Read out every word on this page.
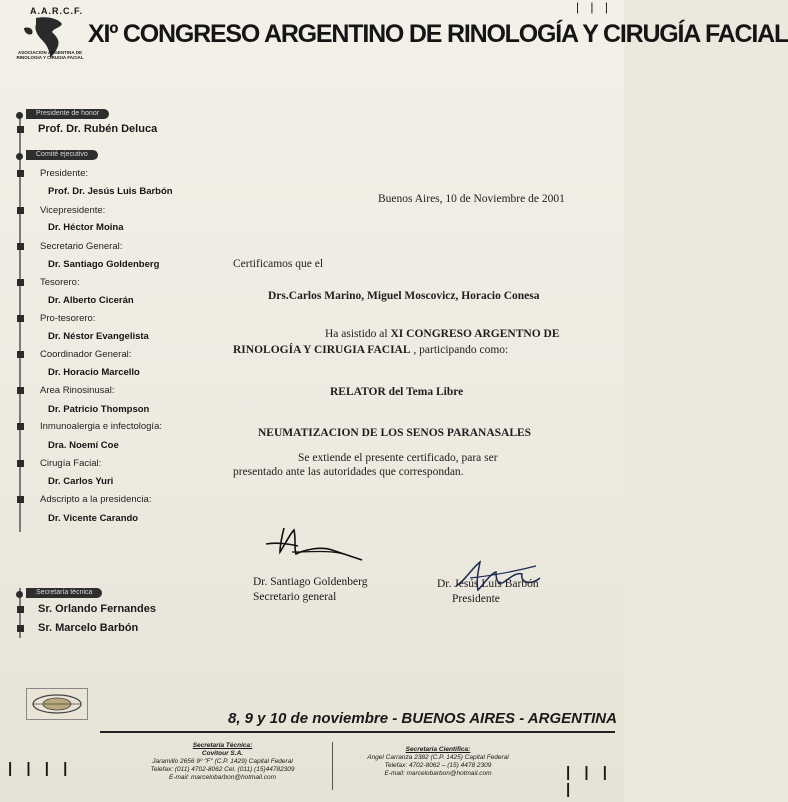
A.A.R.C.F.
ASOCIACION ARGENTINA DE RINOLOGIA Y CIRUGIA FACIAL
XIº CONGRESO ARGENTINO DE RINOLOGÍA Y CIRUGÍA FACIAL
| | |
Presidente de honor
Prof. Dr. Rubén Deluca
Comité ejecutivo
Presidente:
Prof. Dr. Jesús Luis Barbón
Vicepresidente:
Dr. Héctor Moina
Secretario General:
Dr. Santiago Goldenberg
Tesorero:
Dr. Alberto Cicerán
Pro-tesorero:
Dr. Néstor Evangelista
Coordinador General:
Dr. Horacio Marcello
Area Rinosinusal:
Dr. Patricio Thompson
Inmunoalergia e infectología:
Dra. Noemí Coe
Cirugía Facial:
Dr. Carlos Yuri
Adscripto a la presidencia:
Dr. Vicente Carando
Secretaría técnica
Sr. Orlando Fernandes
Sr. Marcelo Barbón
Buenos Aires, 10 de Noviembre de 2001
Certificamos que el
Drs.Carlos Marino, Miguel Moscovicz, Horacio Conesa
Ha asistido al XI CONGRESO ARGENTNO DE
RINOLOGÍA Y CIRUGIA FACIAL , participando como:
RELATOR del Tema Libre
NEUMATIZACION DE LOS SENOS PARANASALES
Se extiende el presente certificado, para ser
presentado ante las autoridades que correspondan.
Dr. Santiago Goldenberg
Secretario general
Dr. Jesús Luis Barbón
Presidente
8, 9 y 10 de noviembre - BUENOS AIRES - ARGENTINA
Secretaría Técnica:
Covitour S.A.
Jaramillo 2656 9º "F" (C.P. 1429) Capital Federal
Telefax: (011) 4702-8062 Cel. (011) (15)44782309
E-mail: marcelobarbon@hotmail.com
Secretaría Científica:
Angel Carranza 2382 (C.P. 1425) Capital Federal
Telefax: 4702-8062 – (15) 4478 2309
E-mail: marcelobarbon@hotmail.com
| | | |	| | | |
